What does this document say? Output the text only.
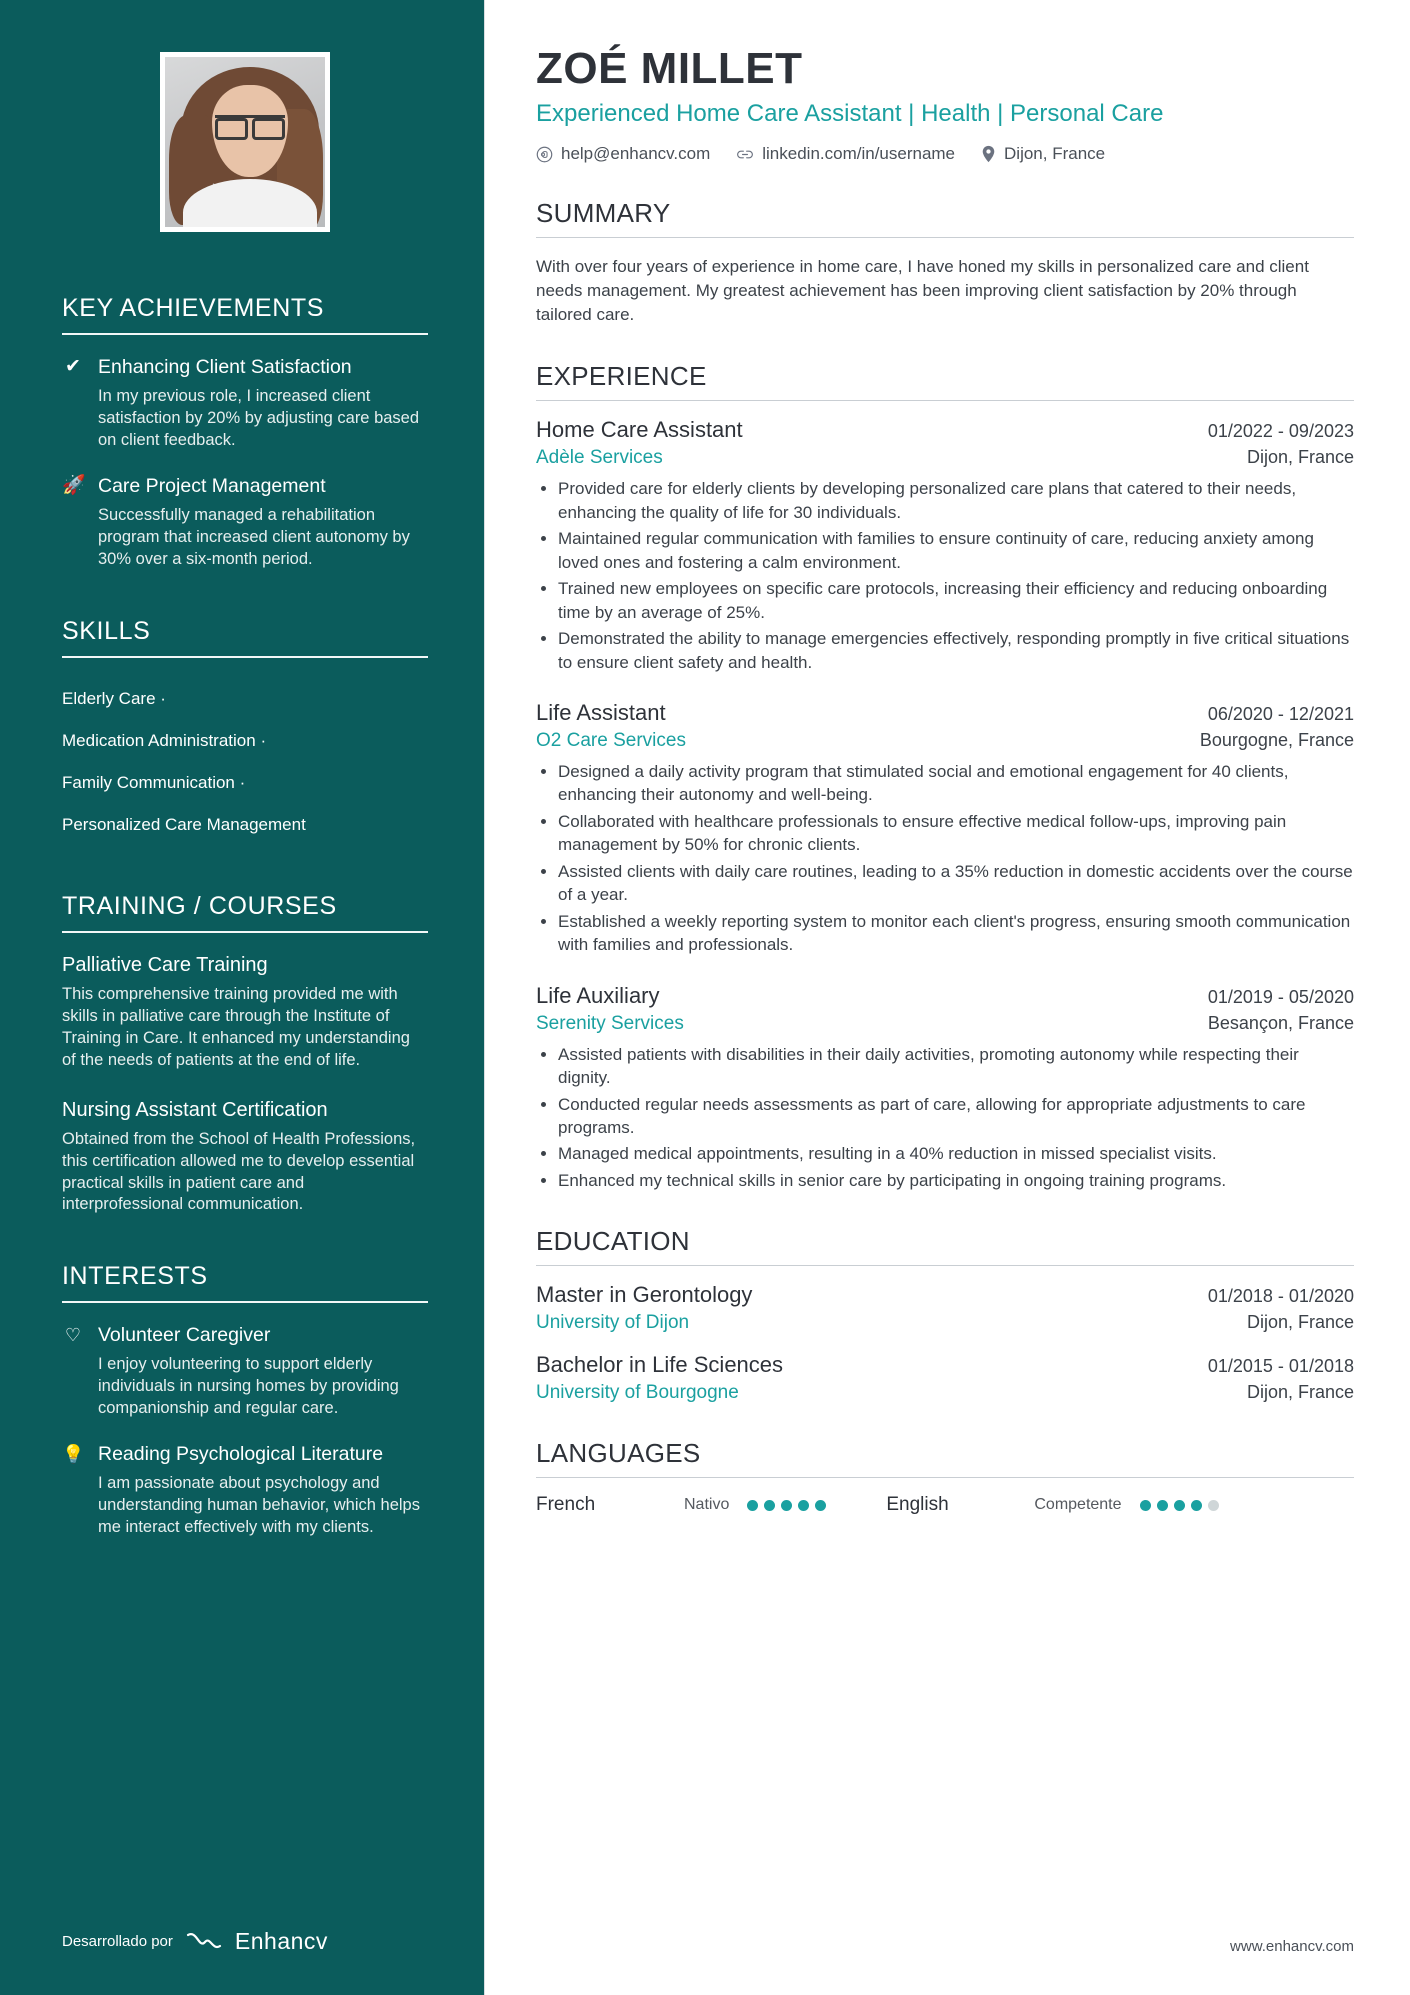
KEY ACHIEVEMENTS
✔ Enhancing Client Satisfaction
In my previous role, I increased client satisfaction by 20% by adjusting care based on client feedback.
🚀 Care Project Management
Successfully managed a rehabilitation program that increased client autonomy by 30% over a six-month period.
SKILLS
Elderly Care ·
Medication Administration ·
Family Communication ·
Personalized Care Management
TRAINING / COURSES
Palliative Care Training
This comprehensive training provided me with skills in palliative care through the Institute of Training in Care. It enhanced my understanding of the needs of patients at the end of life.
Nursing Assistant Certification
Obtained from the School of Health Professions, this certification allowed me to develop essential practical skills in patient care and interprofessional communication.
INTERESTS
♡ Volunteer Caregiver
I enjoy volunteering to support elderly individuals in nursing homes by providing companionship and regular care.
💡 Reading Psychological Literature
I am passionate about psychology and understanding human behavior, which helps me interact effectively with my clients.
Desarrollado por	Enhancv
ZOÉ MILLET
Experienced Home Care Assistant | Health | Personal Care
help@enhancv.com	linkedin.com/in/username	Dijon, France
SUMMARY

With over four years of experience in home care, I have honed my skills in personalized care and client needs management. My greatest achievement has been improving client satisfaction by 20% through tailored care.

EXPERIENCE
Home Care Assistant	01/2022 - 09/2023
Adèle Services	Dijon, France
• Provided care for elderly clients by developing personalized care plans that catered to their needs, enhancing the quality of life for 30 individuals.
• Maintained regular communication with families to ensure continuity of care, reducing anxiety among loved ones and fostering a calm environment.
• Trained new employees on specific care protocols, increasing their efficiency and reducing onboarding time by an average of 25%.
• Demonstrated the ability to manage emergencies effectively, responding promptly in five critical situations to ensure client safety and health.
Life Assistant	06/2020 - 12/2021
O2 Care Services	Bourgogne, France
• Designed a daily activity program that stimulated social and emotional engagement for 40 clients, enhancing their autonomy and well-being.
• Collaborated with healthcare professionals to ensure effective medical follow-ups, improving pain management by 50% for chronic clients.
• Assisted clients with daily care routines, leading to a 35% reduction in domestic accidents over the course of a year.
• Established a weekly reporting system to monitor each client's progress, ensuring smooth communication with families and professionals.
Life Auxiliary	01/2019 - 05/2020
Serenity Services	Besançon, France
• Assisted patients with disabilities in their daily activities, promoting autonomy while respecting their dignity.
• Conducted regular needs assessments as part of care, allowing for appropriate adjustments to care programs.
• Managed medical appointments, resulting in a 40% reduction in missed specialist visits.
• Enhanced my technical skills in senior care by participating in ongoing training programs.
EDUCATION
Master in Gerontology	01/2018 - 01/2020
University of Dijon	Dijon, France
Bachelor in Life Sciences	01/2015 - 01/2018
University of Bourgogne	Dijon, France
LANGUAGES
French	Nativo	English	Competente
www.enhancv.com
